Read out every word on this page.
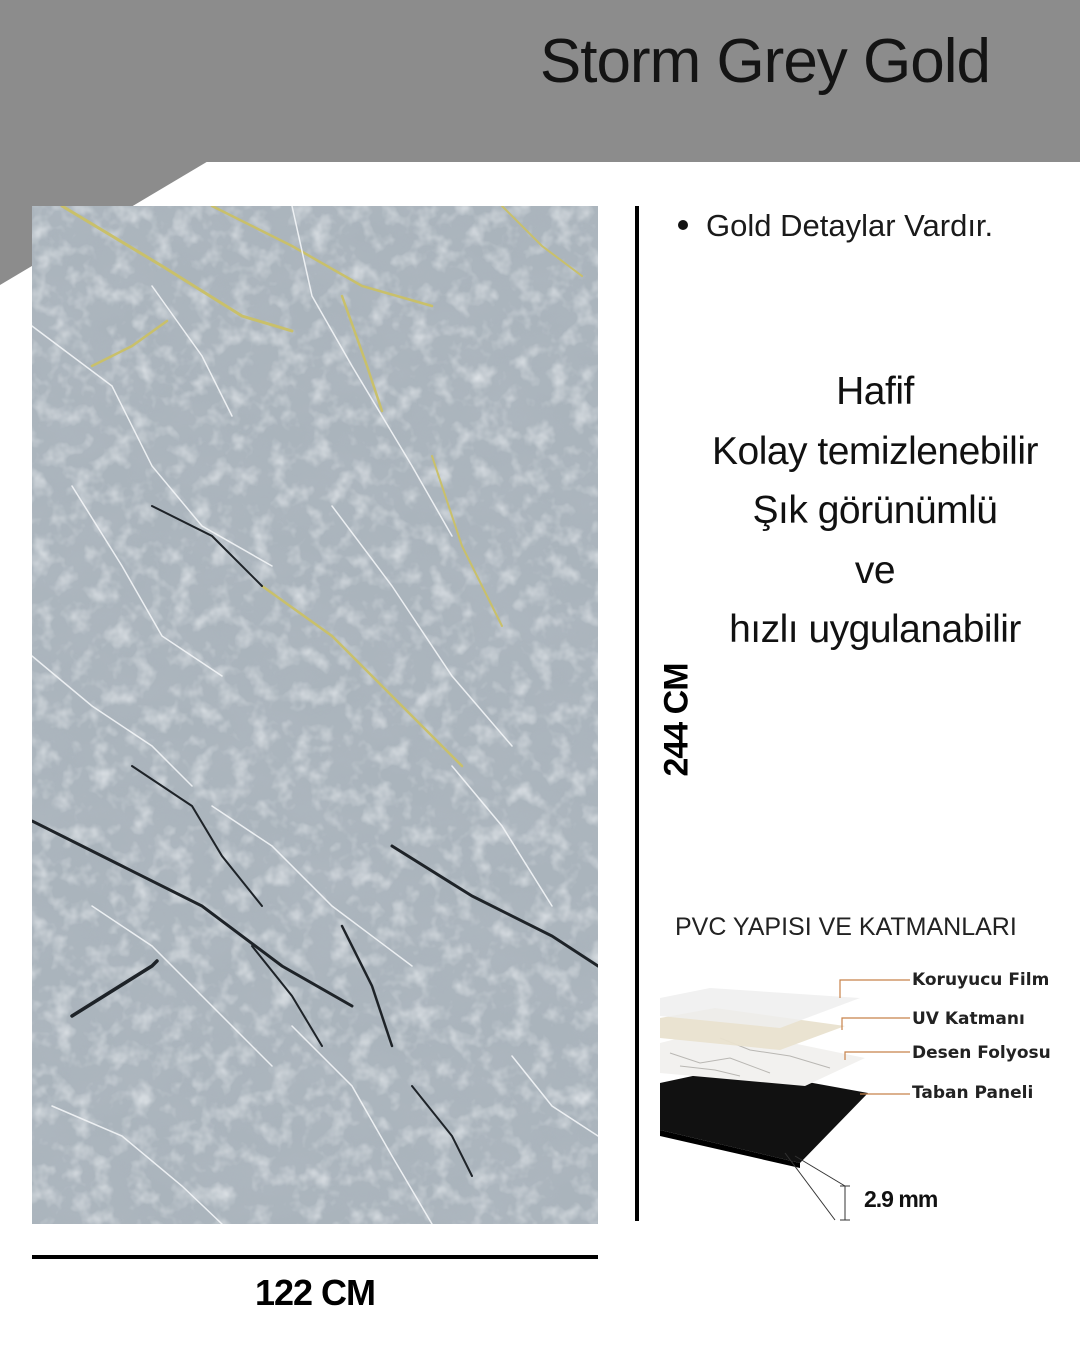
Storm Grey Gold
122 CM
244 CM
Gold Detaylar Vardır.
Hafif
Kolay temizlenebilir
Şık görünümlü
ve
hızlı uygulanabilir
PVC YAPISI VE KATMANLARI
Koruyucu Film
UV Katmanı
Desen Folyosu
Taban Paneli
2.9 mm
